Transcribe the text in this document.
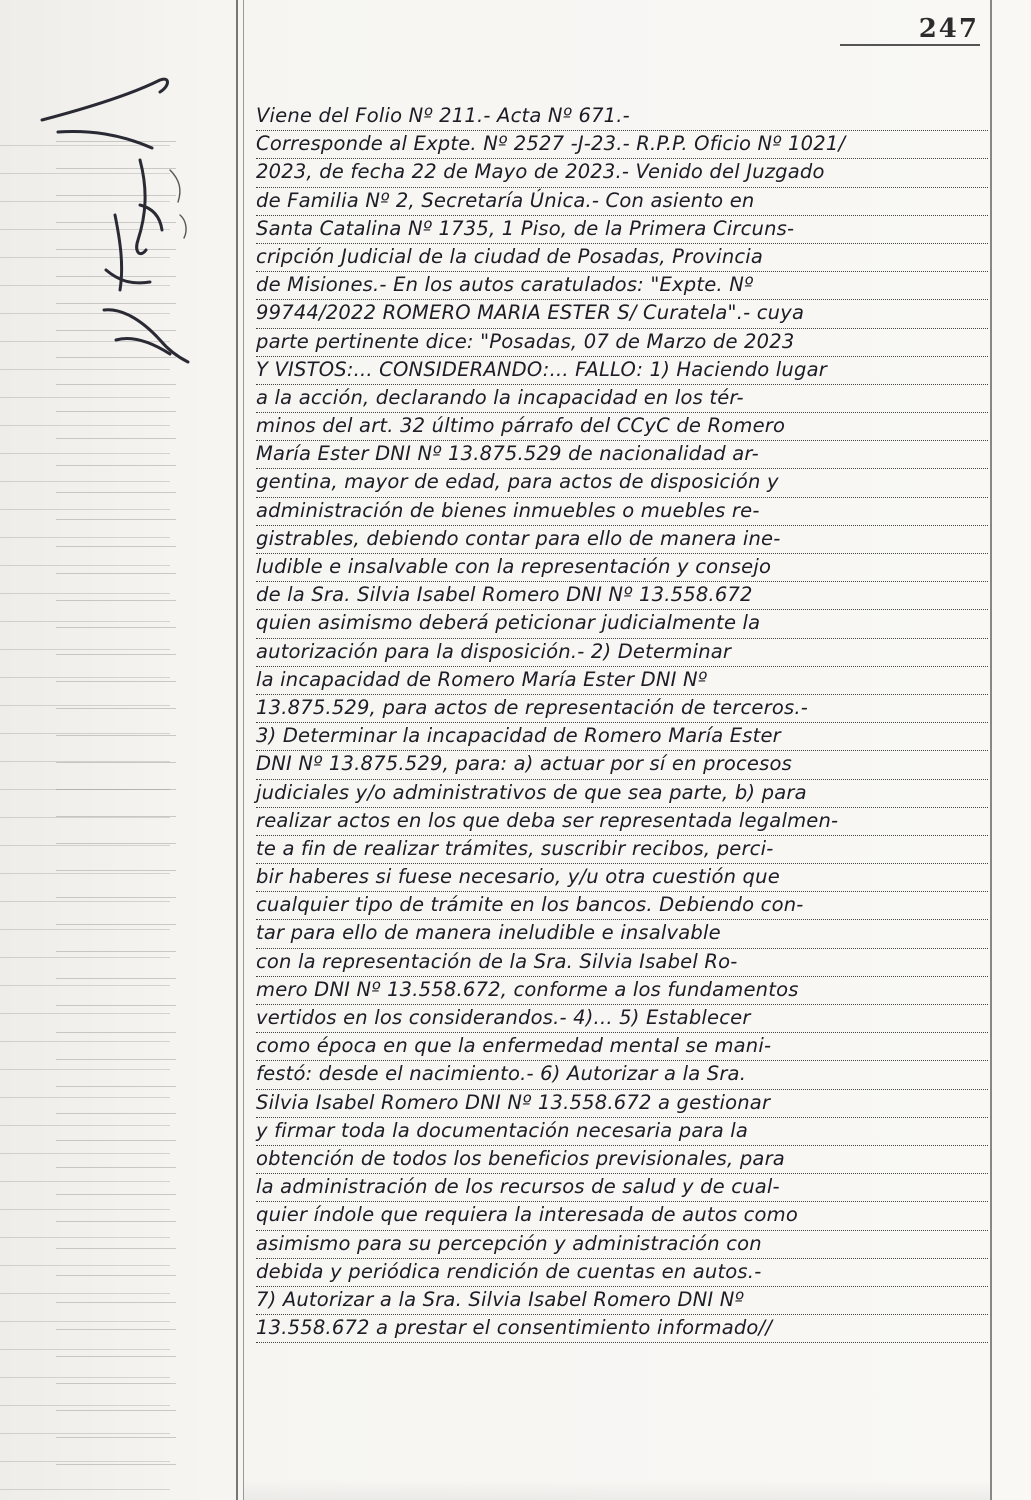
247
Viene del Folio Nº 211.- Acta Nº 671.-
Corresponde al Expte. Nº 2527 -J-23.- R.P.P. Oficio Nº 1021/
2023, de fecha 22 de Mayo de 2023.- Venido del Juzgado
de Familia Nº 2, Secretaría Única.- Con asiento en
Santa Catalina Nº 1735, 1 Piso, de la Primera Circuns-
cripción Judicial de la ciudad de Posadas, Provincia
de Misiones.- En los autos caratulados: "Expte. Nº
99744/2022 ROMERO MARIA ESTER S/ Curatela".- cuya
parte pertinente dice: "Posadas, 07 de Marzo de 2023
Y VISTOS:... CONSIDERANDO:... FALLO: 1) Haciendo lugar
a la acción, declarando la incapacidad en los tér-
minos del art. 32 último párrafo del CCyC de Romero
María Ester DNI Nº 13.875.529 de nacionalidad ar-
gentina, mayor de edad, para actos de disposición y
administración de bienes inmuebles o muebles re-
gistrables, debiendo contar para ello de manera ine-
ludible e insalvable con la representación y consejo
de la Sra. Silvia Isabel Romero DNI Nº 13.558.672
quien asimismo deberá peticionar judicialmente la
autorización para la disposición.- 2) Determinar
la incapacidad de Romero María Ester DNI Nº
13.875.529, para actos de representación de terceros.-
3) Determinar la incapacidad de Romero María Ester
DNI Nº 13.875.529, para: a) actuar por sí en procesos
judiciales y/o administrativos de que sea parte, b) para
realizar actos en los que deba ser representada legalmen-
te a fin de realizar trámites, suscribir recibos, perci-
bir haberes si fuese necesario, y/u otra cuestión que
cualquier tipo de trámite en los bancos. Debiendo con-
tar para ello de manera ineludible e insalvable
con la representación de la Sra. Silvia Isabel Ro-
mero DNI Nº 13.558.672, conforme a los fundamentos
vertidos en los considerandos.- 4)... 5) Establecer
como época en que la enfermedad mental se mani-
festó: desde el nacimiento.- 6) Autorizar a la Sra.
Silvia Isabel Romero DNI Nº 13.558.672 a gestionar
y firmar toda la documentación necesaria para la
obtención de todos los beneficios previsionales, para
la administración de los recursos de salud y de cual-
quier índole que requiera la interesada de autos como
asimismo para su percepción y administración con
debida y periódica rendición de cuentas en autos.-
7) Autorizar a la Sra. Silvia Isabel Romero DNI Nº
13.558.672 a prestar el consentimiento informado//
